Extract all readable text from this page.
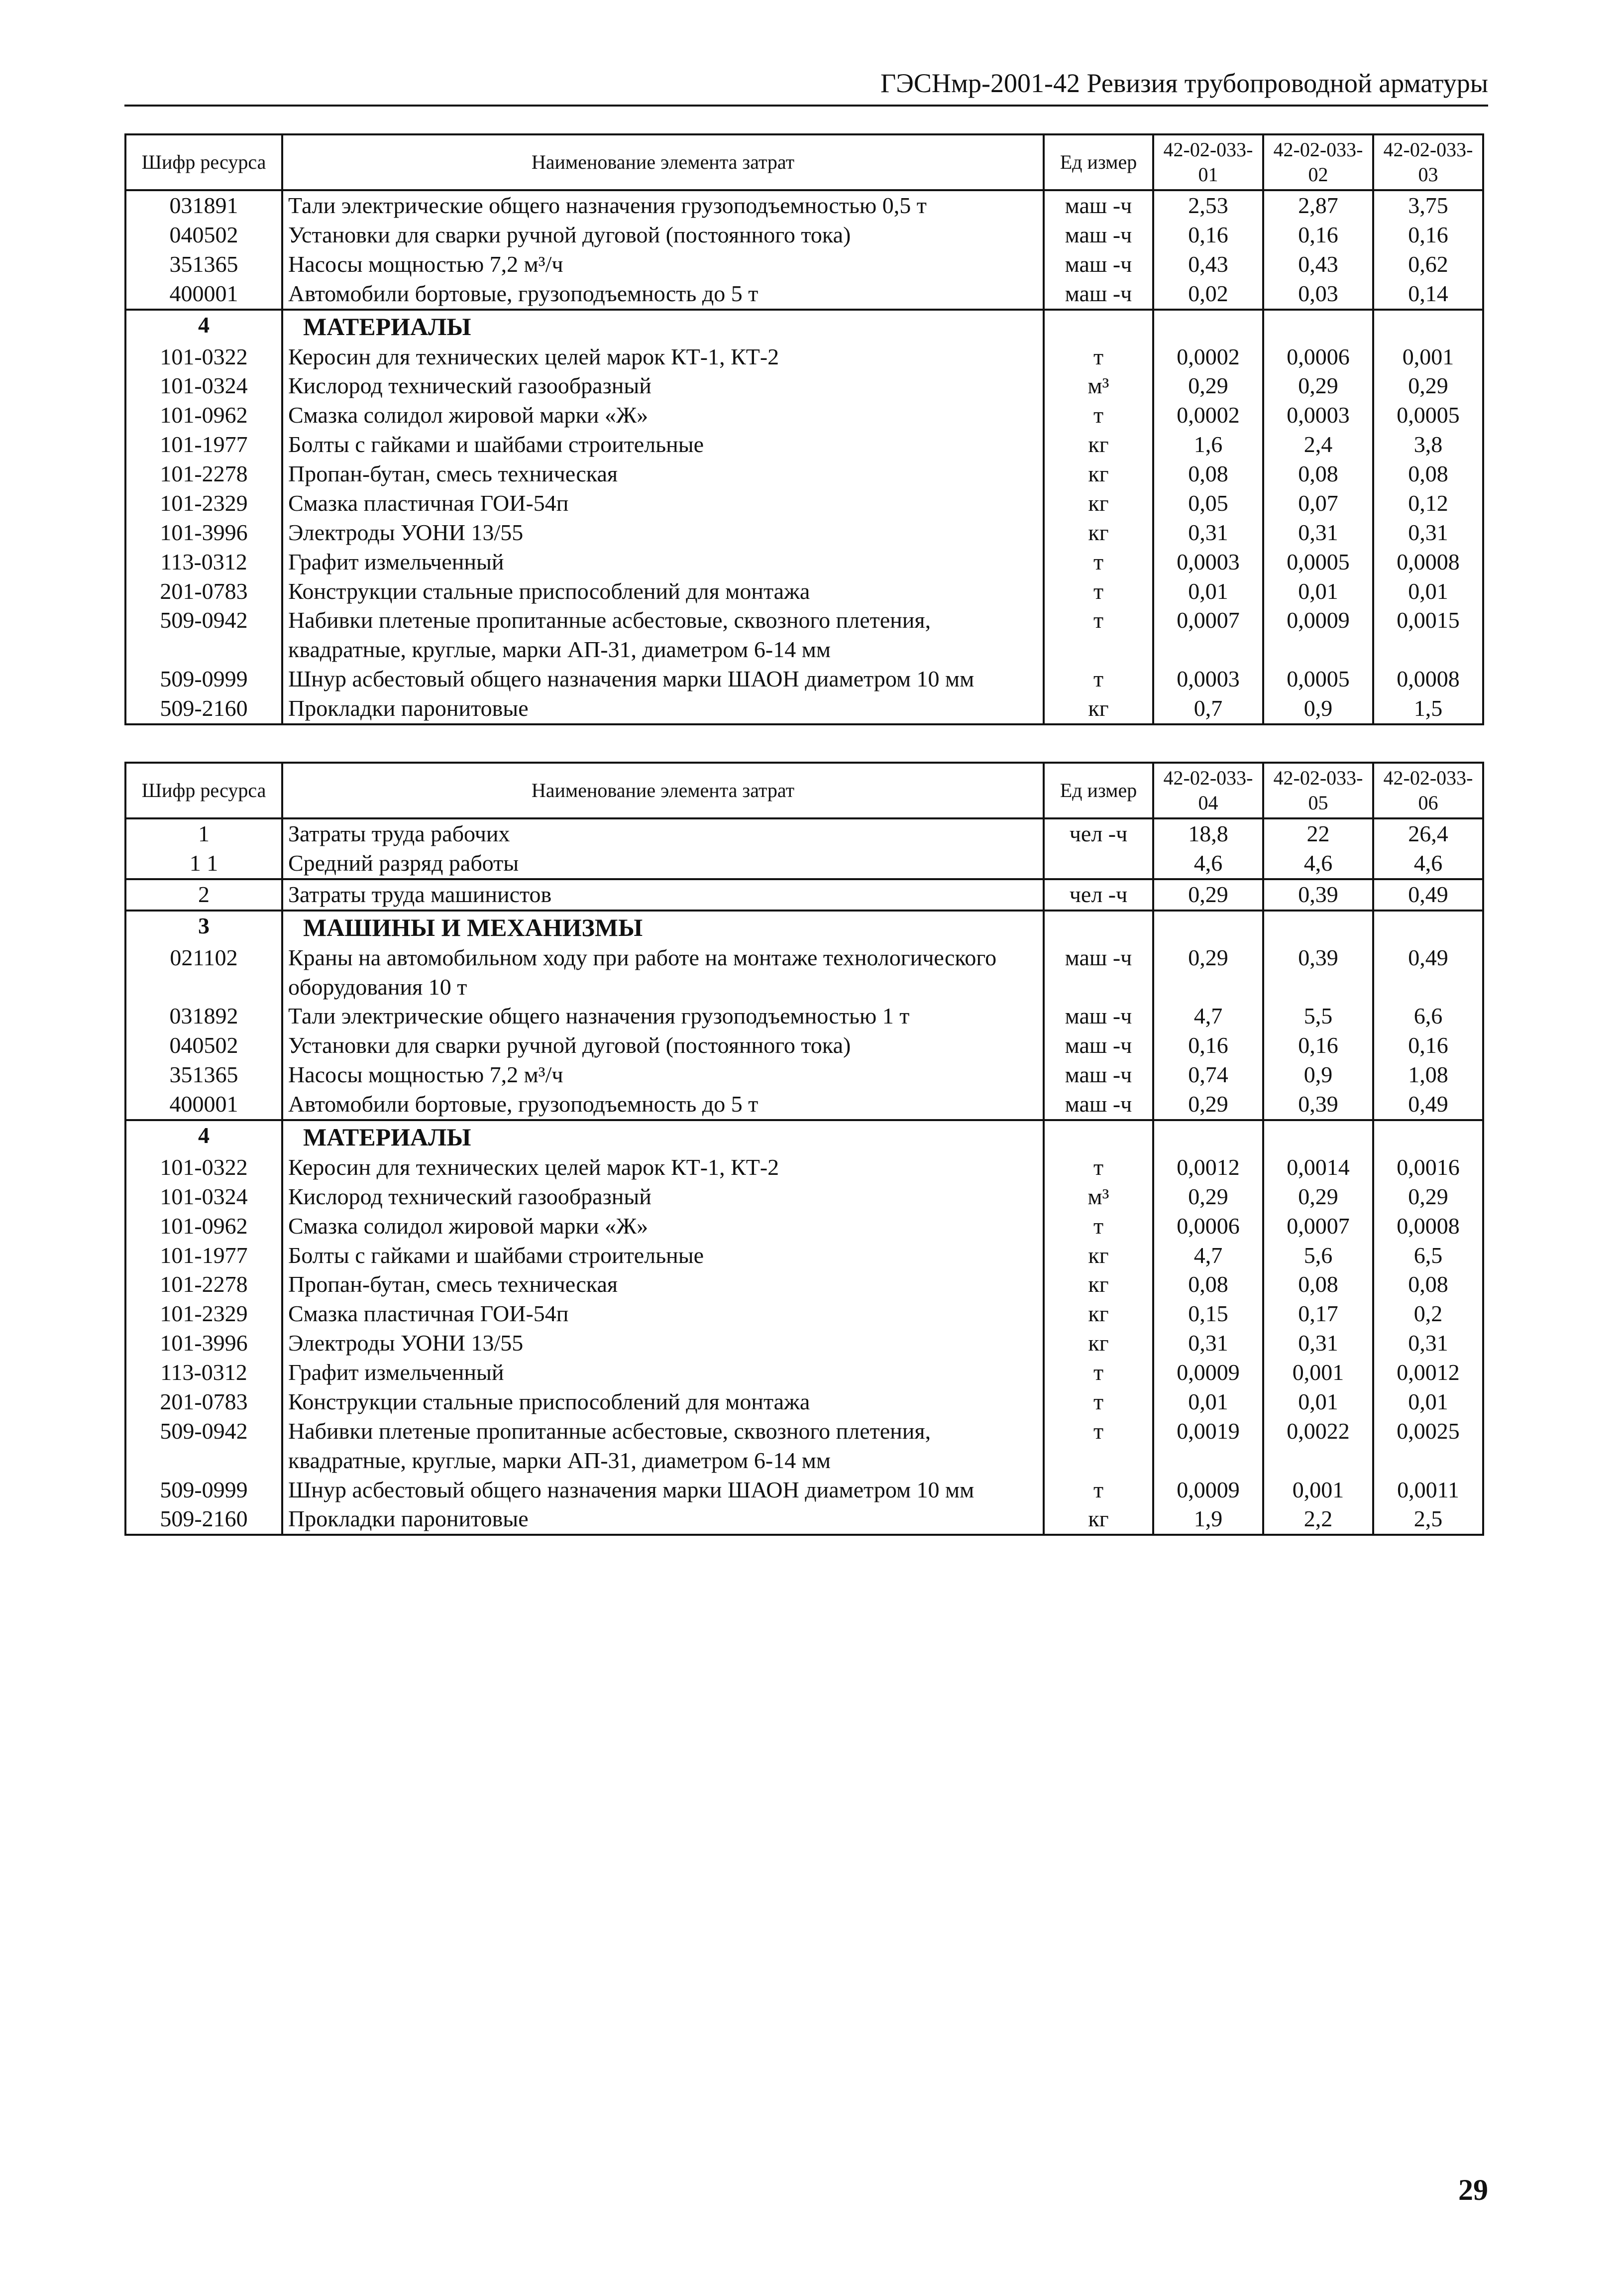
ГЭСНмр-2001-42 Ревизия трубопроводной арматуры
Шифр ресурса	Наименование элемента затрат	Ед измер	42-02-033-01	42-02-033-02	42-02-033-03
031891	Тали электрические общего назначения грузоподъемностью 0,5 т	маш -ч	2,53	2,87	3,75
040502	Установки для сварки ручной дуговой (постоянного тока)	маш -ч	0,16	0,16	0,16
351365	Насосы мощностью 7,2 м³/ч	маш -ч	0,43	0,43	0,62
400001	Автомобили бортовые, грузоподъемность до 5 т	маш -ч	0,02	0,03	0,14
4	МАТЕРИАЛЫ				
101-0322	Керосин для технических целей марок КТ-1, КТ-2	т	0,0002	0,0006	0,001
101-0324	Кислород технический газообразный	м³	0,29	0,29	0,29
101-0962	Смазка солидол жировой марки «Ж»	т	0,0002	0,0003	0,0005
101-1977	Болты с гайками и шайбами строительные	кг	1,6	2,4	3,8
101-2278	Пропан-бутан, смесь техническая	кг	0,08	0,08	0,08
101-2329	Смазка пластичная ГОИ-54п	кг	0,05	0,07	0,12
101-3996	Электроды УОНИ 13/55	кг	0,31	0,31	0,31
113-0312	Графит измельченный	т	0,0003	0,0005	0,0008
201-0783	Конструкции стальные приспособлений для монтажа	т	0,01	0,01	0,01
509-0942	Набивки плетеные пропитанные асбестовые, сквозного плетения, квадратные, круглые, марки АП-31, диаметром 6-14 мм	т	0,0007	0,0009	0,0015
509-0999	Шнур асбестовый общего назначения марки ШАОН диаметром 10 мм	т	0,0003	0,0005	0,0008
509-2160	Прокладки паронитовые	кг	0,7	0,9	1,5
Шифр ресурса	Наименование элемента затрат	Ед измер	42-02-033-04	42-02-033-05	42-02-033-06
1	Затраты труда рабочих	чел -ч	18,8	22	26,4
1 1	Средний разряд работы		4,6	4,6	4,6
2	Затраты труда машинистов	чел -ч	0,29	0,39	0,49
3	МАШИНЫ И МЕХАНИЗМЫ				
021102	Краны на автомобильном ходу при работе на монтаже технологического оборудования 10 т	маш -ч	0,29	0,39	0,49
031892	Тали электрические общего назначения грузоподъемностью 1 т	маш -ч	4,7	5,5	6,6
040502	Установки для сварки ручной дуговой (постоянного тока)	маш -ч	0,16	0,16	0,16
351365	Насосы мощностью 7,2 м³/ч	маш -ч	0,74	0,9	1,08
400001	Автомобили бортовые, грузоподъемность до 5 т	маш -ч	0,29	0,39	0,49
4	МАТЕРИАЛЫ				
101-0322	Керосин для технических целей марок КТ-1, КТ-2	т	0,0012	0,0014	0,0016
101-0324	Кислород технический газообразный	м³	0,29	0,29	0,29
101-0962	Смазка солидол жировой марки «Ж»	т	0,0006	0,0007	0,0008
101-1977	Болты с гайками и шайбами строительные	кг	4,7	5,6	6,5
101-2278	Пропан-бутан, смесь техническая	кг	0,08	0,08	0,08
101-2329	Смазка пластичная ГОИ-54п	кг	0,15	0,17	0,2
101-3996	Электроды УОНИ 13/55	кг	0,31	0,31	0,31
113-0312	Графит измельченный	т	0,0009	0,001	0,0012
201-0783	Конструкции стальные приспособлений для монтажа	т	0,01	0,01	0,01
509-0942	Набивки плетеные пропитанные асбестовые, сквозного плетения, квадратные, круглые, марки АП-31, диаметром 6-14 мм	т	0,0019	0,0022	0,0025
509-0999	Шнур асбестовый общего назначения марки ШАОН диаметром 10 мм	т	0,0009	0,001	0,0011
509-2160	Прокладки паронитовые	кг	1,9	2,2	2,5
29
